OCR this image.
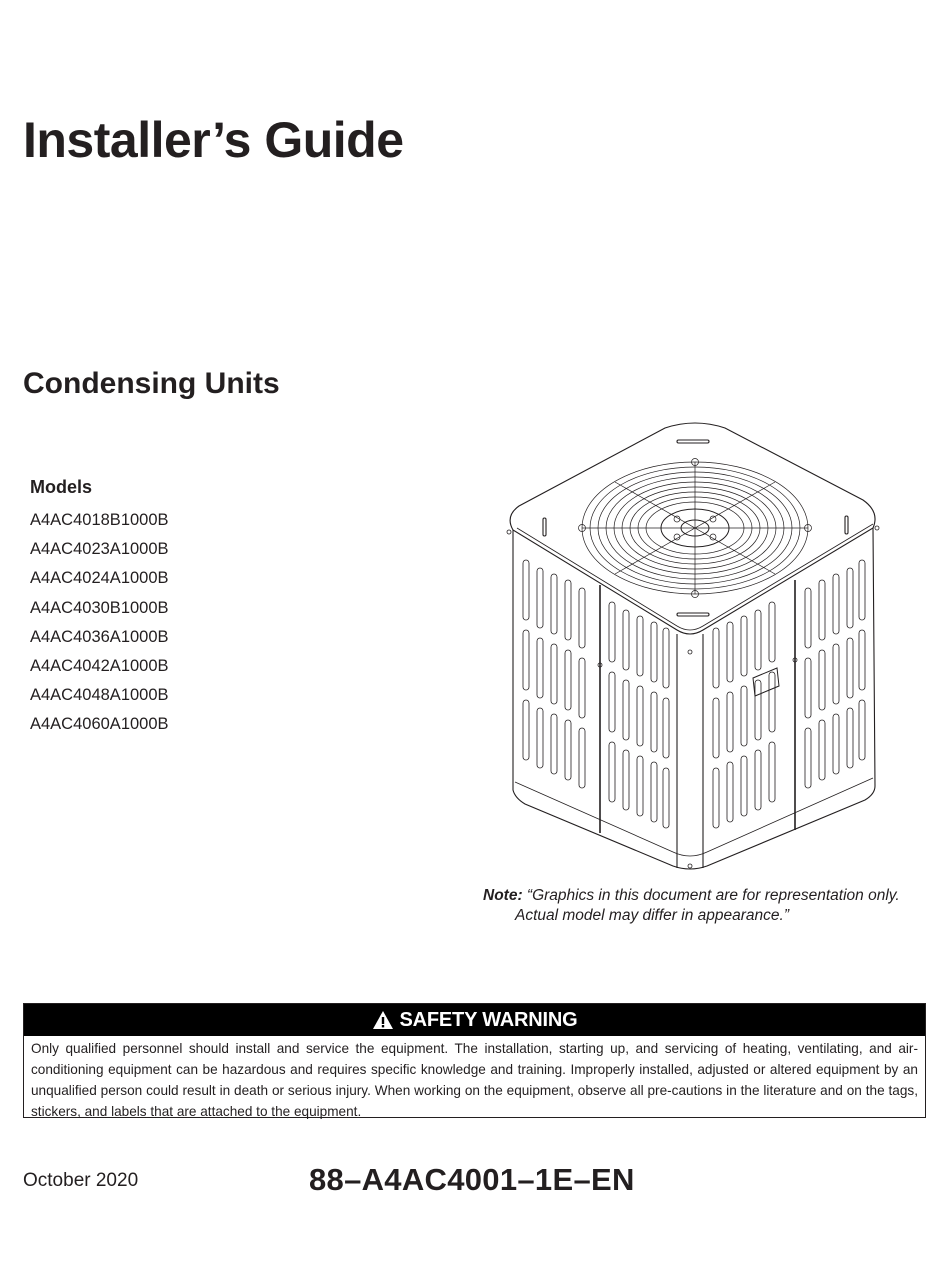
Installer’s Guide
Condensing Units
Models
A4AC4018B1000B
A4AC4023A1000B
A4AC4024A1000B
A4AC4030B1000B
A4AC4036A1000B
A4AC4042A1000B
A4AC4048A1000B
A4AC4060A1000B
Note: “Graphics in this document are for representation only.
Actual model may differ in appearance.”
SAFETY WARNING
Only qualified personnel should install and service the equipment. The installation, starting up, and servicing of heating, ventilating, and air-conditioning equipment can be hazardous and requires specific knowledge and training. Improperly installed, adjusted or altered equipment by an unqualified person could result in death or serious injury. When working on the equipment, observe all pre-cautions in the literature and on the tags, stickers, and labels that are attached to the equipment.
October 2020	88–A4AC4001–1E–EN
